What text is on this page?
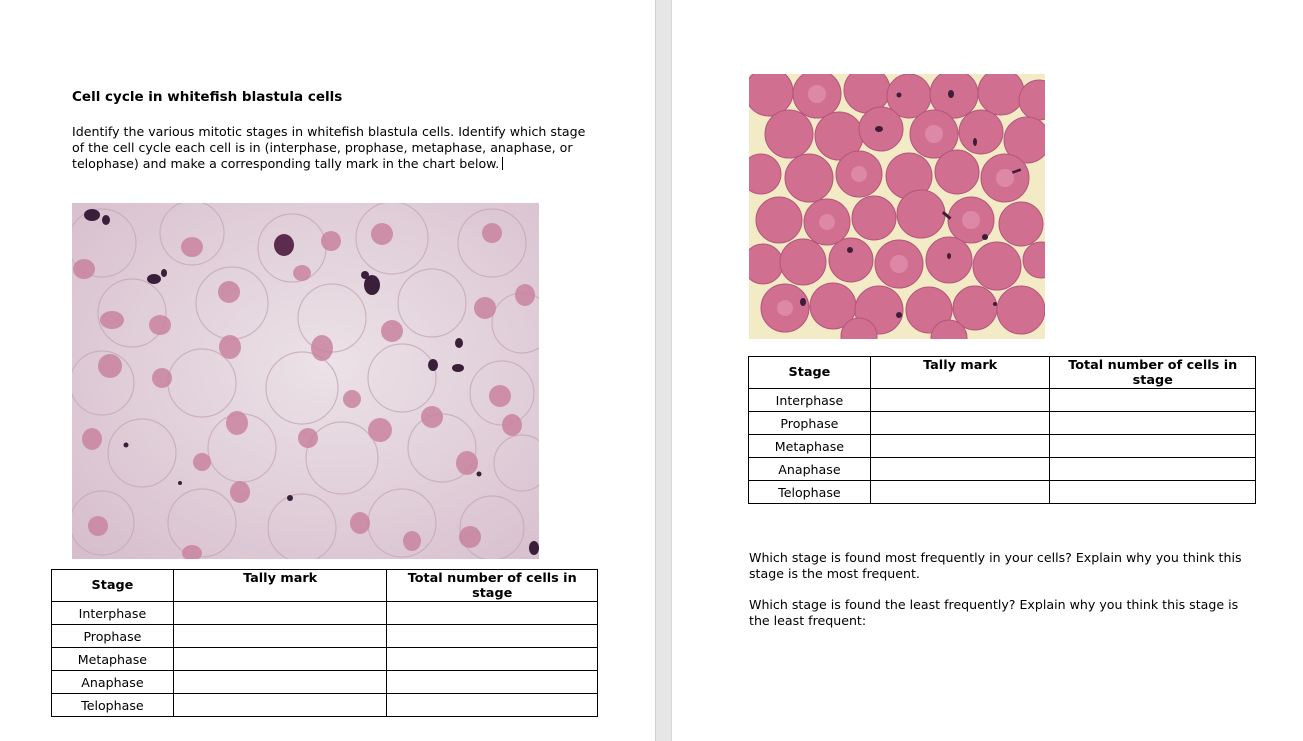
Cell cycle in whitefish blastula cells
Identify the various mitotic stages in whitefish blastula cells. Identify which stage of the cell cycle each cell is in (interphase, prophase, metaphase, anaphase, or telophase) and make a corresponding tally mark in the chart below.
Stage	Tally mark	Total number of cells in stage
Interphase		
Prophase		
Metaphase		
Anaphase		
Telophase		
Stage	Tally mark	Total number of cells in stage
Interphase		
Prophase		
Metaphase		
Anaphase		
Telophase		
Which stage is found most frequently in your cells? Explain why you think this stage is the most frequent.
Which stage is found the least frequently? Explain why you think this stage is the least frequent:
